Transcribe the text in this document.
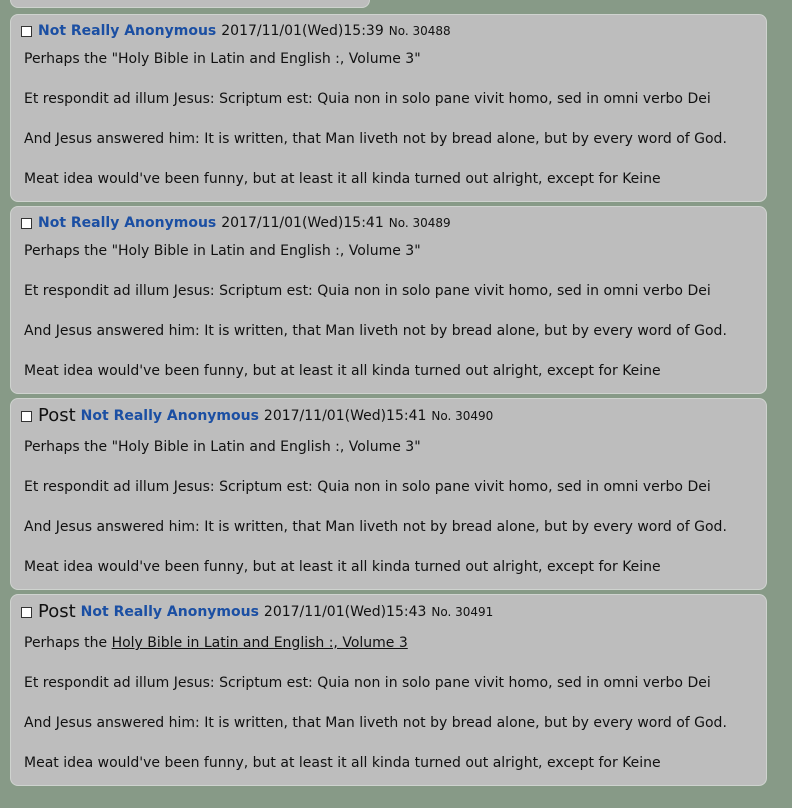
Not Really Anonymous 2017/11/01(Wed)15:39 No. 30488
Perhaps the "Holy Bible in Latin and English :, Volume 3"
Et respondit ad illum Jesus: Scriptum est: Quia non in solo pane vivit homo, sed in omni verbo Dei
And Jesus answered him: It is written, that Man liveth not by bread alone, but by every word of God.
Meat idea would've been funny, but at least it all kinda turned out alright, except for Keine
Not Really Anonymous 2017/11/01(Wed)15:41 No. 30489
Perhaps the "Holy Bible in Latin and English :, Volume 3"
Et respondit ad illum Jesus: Scriptum est: Quia non in solo pane vivit homo, sed in omni verbo Dei
And Jesus answered him: It is written, that Man liveth not by bread alone, but by every word of God.
Meat idea would've been funny, but at least it all kinda turned out alright, except for Keine
Post Not Really Anonymous 2017/11/01(Wed)15:41 No. 30490
Perhaps the "Holy Bible in Latin and English :, Volume 3"
Et respondit ad illum Jesus: Scriptum est: Quia non in solo pane vivit homo, sed in omni verbo Dei
And Jesus answered him: It is written, that Man liveth not by bread alone, but by every word of God.
Meat idea would've been funny, but at least it all kinda turned out alright, except for Keine
Post Not Really Anonymous 2017/11/01(Wed)15:43 No. 30491
Perhaps the Holy Bible in Latin and English :, Volume 3
Et respondit ad illum Jesus: Scriptum est: Quia non in solo pane vivit homo, sed in omni verbo Dei
And Jesus answered him: It is written, that Man liveth not by bread alone, but by every word of God.
Meat idea would've been funny, but at least it all kinda turned out alright, except for Keine
